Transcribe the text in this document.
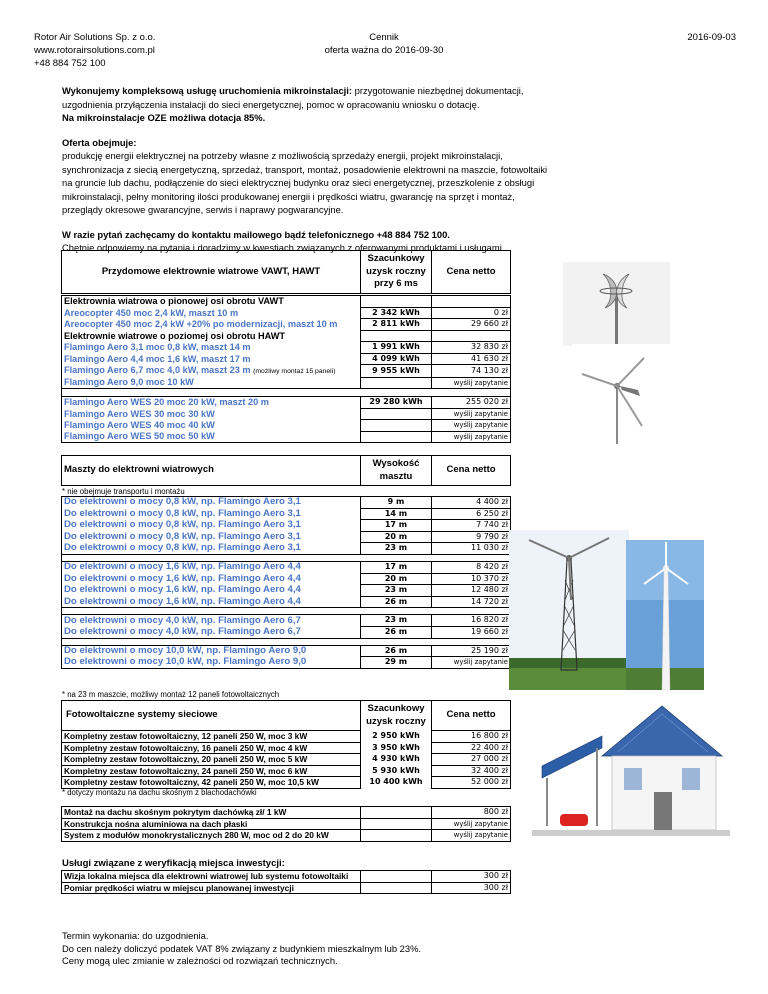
Rotor Air Solutions Sp. z o.o.
www.rotorairsolutions.com.pl
+48 884 752 100
Cennik
oferta ważna do 2016-09-30
2016-09-03

Wykonujemy kompleksową usługę uruchomienia mikroinstalacji: przygotowanie niezbędnej dokumentacji, uzgodnienia przyłączenia instalacji do sieci energetycznej, pomoc w opracowaniu wniosku o dotację.
Na mikroinstalacje OZE możliwa dotacja 85%.

Oferta obejmuje:
produkcję energii elektrycznej na potrzeby własne z możliwością sprzedaży energii, projekt mikroinstalacji, synchronizacja z siecią energetyczną, sprzedaż, transport, montaż, posadowienie elektrowni na maszcie, fotowoltaiki na gruncie lub dachu, podłączenie do sieci elektrycznej budynku oraz sieci energetycznej, przeszkolenie z obsługi mikroinstalacji, pełny monitoring ilości produkowanej energii i prędkości wiatru, gwarancję na sprzęt i montaż, przeglądy okresowe gwarancyjne, serwis i naprawy pogwarancyjne.

W razie pytań zachęcamy do kontaktu mailowego bądź telefonicznego +48 884 752 100.
Chętnie odpowiemy na pytania i doradzimy w kwestiach związanych z oferowanymi produktami i usługami.

Przydomowe elektrownie wiatrowe VAWT, HAWT	Szacunkowy uzysk roczny przy 6 ms	Cena netto

Elektrownia wiatrowa o pionowej osi obrotu VAWT		
Areocopter 450 moc 2,4 kW, maszt 10 m	2 342 kWh	0 zł
Areocopter 450 moc 2,4 kW +20% po modernizacji, maszt 10 m	2 811 kWh	29 660 zł
Elektrownie wiatrowe o poziomej osi obrotu HAWT		
Flamingo Aero 3,1 moc 0,8 kW, maszt 14 m	1 991 kWh	32 830 zł
Flamingo Aero 4,4 moc 1,6 kW, maszt 17 m	4 099 kWh	41 630 zł
Flamingo Aero 6,7 moc 4,0 kW, maszt 23 m (możliwy montaż 15 paneli)	9 955 kWh	74 130 zł
Flamingo Aero 9,0 moc 10 kW		wyślij zapytanie

Flamingo Aero WES 20 moc 20 kW, maszt 20 m	29 280 kWh	255 020 zł
Flamingo Aero WES 30 moc 30 kW		wyślij zapytanie
Flamingo Aero WES 40 moc 40 kW		wyślij zapytanie
Flamingo Aero WES 50 moc 50 kW		wyślij zapytanie
Maszty do elektrowni wiatrowych	Wysokość masztu	Cena netto
* nie obejmuje transportu i montażu
Do elektrowni o mocy 0,8 kW, np. Flamingo Aero 3,1	9 m	4 400 zł
Do elektrowni o mocy 0,8 kW, np. Flamingo Aero 3,1	14 m	6 250 zł
Do elektrowni o mocy 0,8 kW, np. Flamingo Aero 3,1	17 m	7 740 zł
Do elektrowni o mocy 0,8 kW, np. Flamingo Aero 3,1	20 m	9 790 zł
Do elektrowni o mocy 0,8 kW, np. Flamingo Aero 3,1	23 m	11 030 zł

Do elektrowni o mocy 1,6 kW, np. Flamingo Aero 4,4	17 m	8 420 zł
Do elektrowni o mocy 1,6 kW, np. Flamingo Aero 4,4	20 m	10 370 zł
Do elektrowni o mocy 1,6 kW, np. Flamingo Aero 4,4	23 m	12 480 zł
Do elektrowni o mocy 1,6 kW, np. Flamingo Aero 4,4	26 m	14 720 zł

Do elektrowni o mocy 4,0 kW, np. Flamingo Aero 6,7	23 m	16 820 zł
Do elektrowni o mocy 4,0 kW, np. Flamingo Aero 6,7	26 m	19 660 zł

Do elektrowni o mocy 10,0 kW, np. Flamingo Aero 9,0	26 m	25 190 zł
Do elektrowni o mocy 10,0 kW, np. Flamingo Aero 9,0	29 m	wyślij zapytanie
* na 23 m maszcie, możliwy montaż 12 paneli fotowoltaicznych
Fotowoltaiczne systemy sieciowe	Szacunkowy uzysk roczny	Cena netto
Kompletny zestaw fotowoltaiczny, 12 paneli 250 W, moc 3 kW	2 950 kWh	16 800 zł
Kompletny zestaw fotowoltaiczny, 16 paneli 250 W, moc 4 kW	3 950 kWh	22 400 zł
Kompletny zestaw fotowoltaiczny, 20 paneli 250 W, moc 5 kW	4 930 kWh	27 000 zł
Kompletny zestaw fotowoltaiczny, 24 paneli 250 W, moc 6 kW	5 930 kWh	32 400 zł
Kompletny zestaw fotowoltaiczny, 42 paneli 250 W, moc 10,5 kW	10 400 kWh	52 000 zł
* dotyczy montażu na dachu skośnym z blachodachówki
Montaż na dachu skośnym pokrytym dachówką zł/ 1 kW		800 zł
Konstrukcja nośna aluminiowa na dach płaski		wyślij zapytanie
System z modułów monokrystalicznych 280 W, moc od 2 do 20 kW		wyślij zapytanie
Usługi związane z weryfikacją miejsca inwestycji:
Wizja lokalna miejsca dla elektrowni wiatrowej lub systemu fotowoltaiki		300 zł
Pomiar prędkości wiatru w miejscu planowanej inwestycji		300 zł
Termin wykonania: do uzgodnienia.
Do cen należy doliczyć podatek VAT 8% związany z budynkiem mieszkalnym lub 23%.
Ceny mogą ulec zmianie w zależności od rozwiązań technicznych.
